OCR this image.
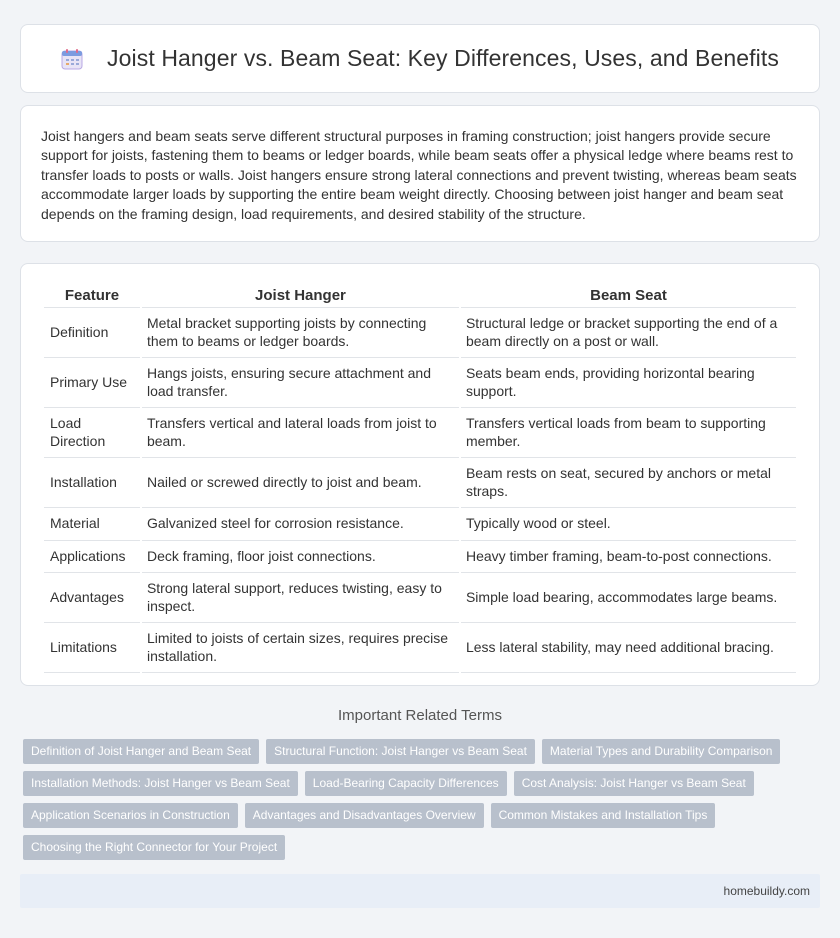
Joist Hanger vs. Beam Seat: Key Differences, Uses, and Benefits

Joist hangers and beam seats serve different structural purposes in framing construction; joist hangers provide secure support for joists, fastening them to beams or ledger boards, while beam seats offer a physical ledge where beams rest to transfer loads to posts or walls. Joist hangers ensure strong lateral connections and prevent twisting, whereas beam seats accommodate larger loads by supporting the entire beam weight directly. Choosing between joist hanger and beam seat depends on the framing design, load requirements, and desired stability of the structure.

Feature	Joist Hanger	Beam Seat
Definition	Metal bracket supporting joists by connecting them to beams or ledger boards.	Structural ledge or bracket supporting the end of a beam directly on a post or wall.
Primary Use	Hangs joists, ensuring secure attachment and load transfer.	Seats beam ends, providing horizontal bearing support.
Load Direction	Transfers vertical and lateral loads from joist to beam.	Transfers vertical loads from beam to supporting member.
Installation	Nailed or screwed directly to joist and beam.	Beam rests on seat, secured by anchors or metal straps.
Material	Galvanized steel for corrosion resistance.	Typically wood or steel.
Applications	Deck framing, floor joist connections.	Heavy timber framing, beam-to-post connections.
Advantages	Strong lateral support, reduces twisting, easy to inspect.	Simple load bearing, accommodates large beams.
Limitations	Limited to joists of certain sizes, requires precise installation.	Less lateral stability, may need additional bracing.
Important Related Terms
Definition of Joist Hanger and Beam Seat	Structural Function: Joist Hanger vs Beam Seat	Material Types and Durability Comparison
Installation Methods: Joist Hanger vs Beam Seat	Load-Bearing Capacity Differences	Cost Analysis: Joist Hanger vs Beam Seat
Application Scenarios in Construction	Advantages and Disadvantages Overview	Common Mistakes and Installation Tips
Choosing the Right Connector for Your Project
homebuildy.com
